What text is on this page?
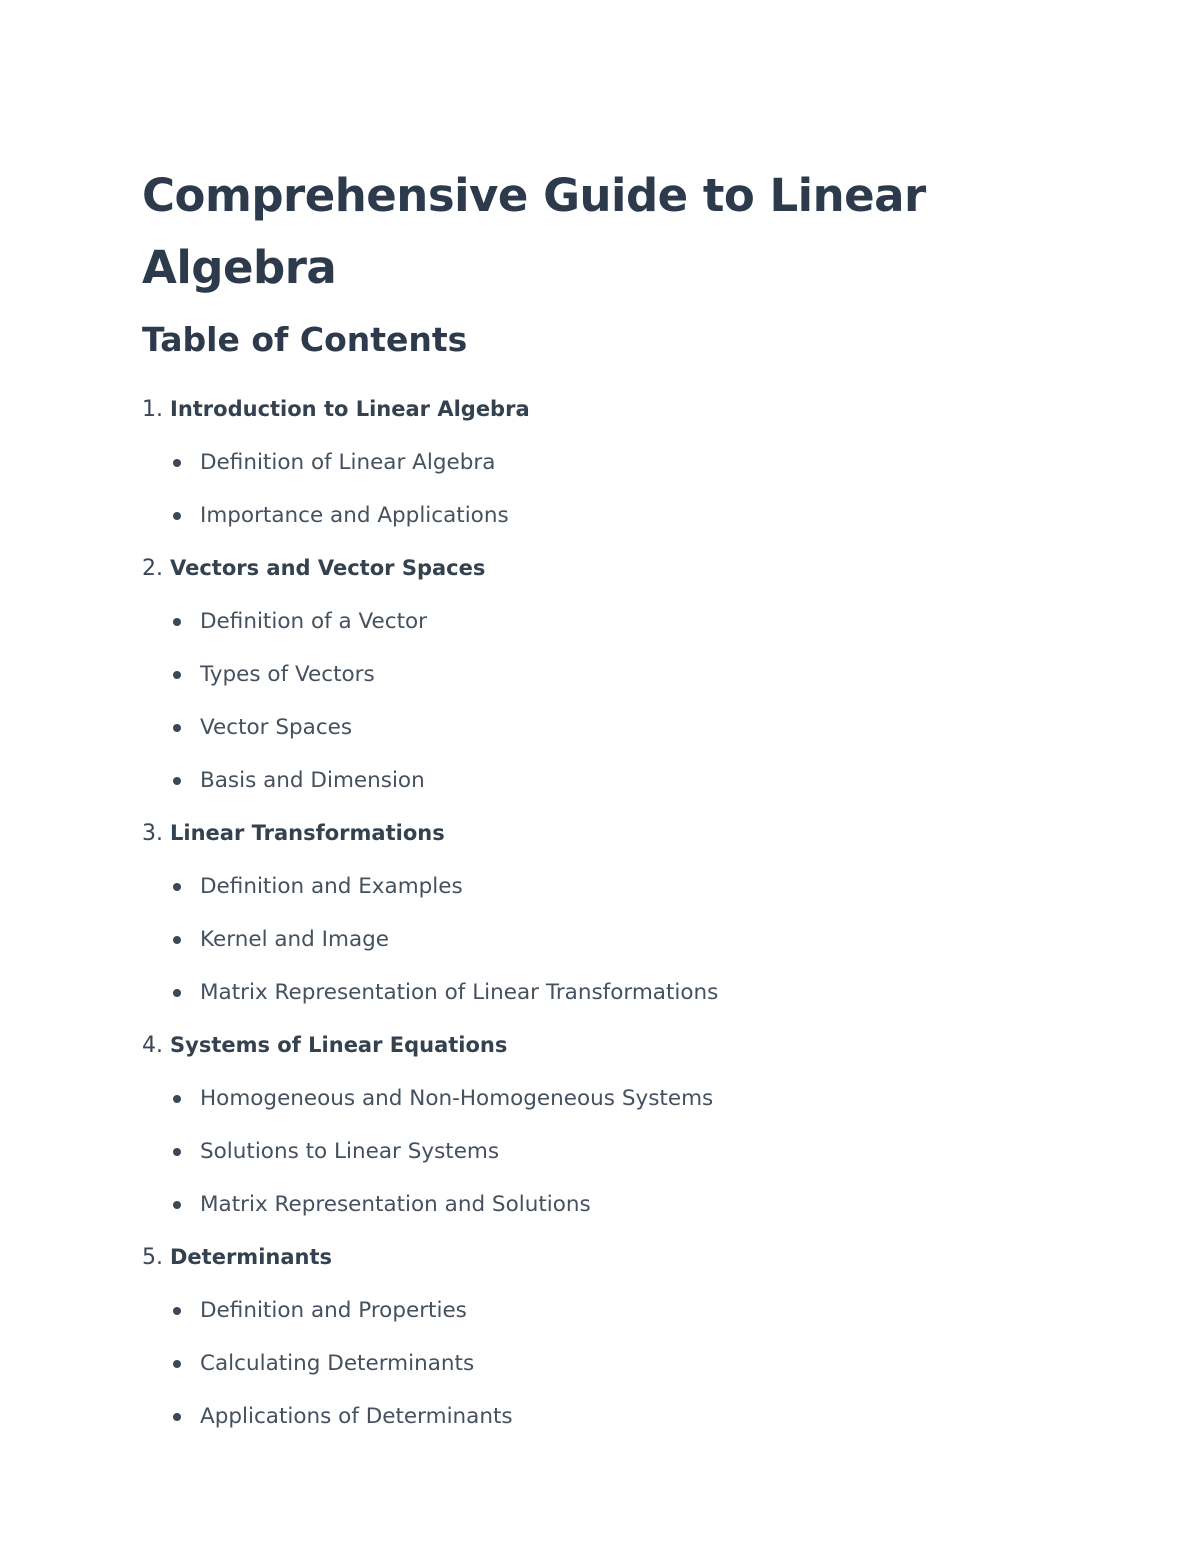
Comprehensive Guide to Linear Algebra
Table of Contents
1. Introduction to Linear Algebra
Definition of Linear Algebra
Importance and Applications
2. Vectors and Vector Spaces
Definition of a Vector
Types of Vectors
Vector Spaces
Basis and Dimension
3. Linear Transformations
Definition and Examples
Kernel and Image
Matrix Representation of Linear Transformations
4. Systems of Linear Equations
Homogeneous and Non-Homogeneous Systems
Solutions to Linear Systems
Matrix Representation and Solutions
5. Determinants
Definition and Properties
Calculating Determinants
Applications of Determinants
